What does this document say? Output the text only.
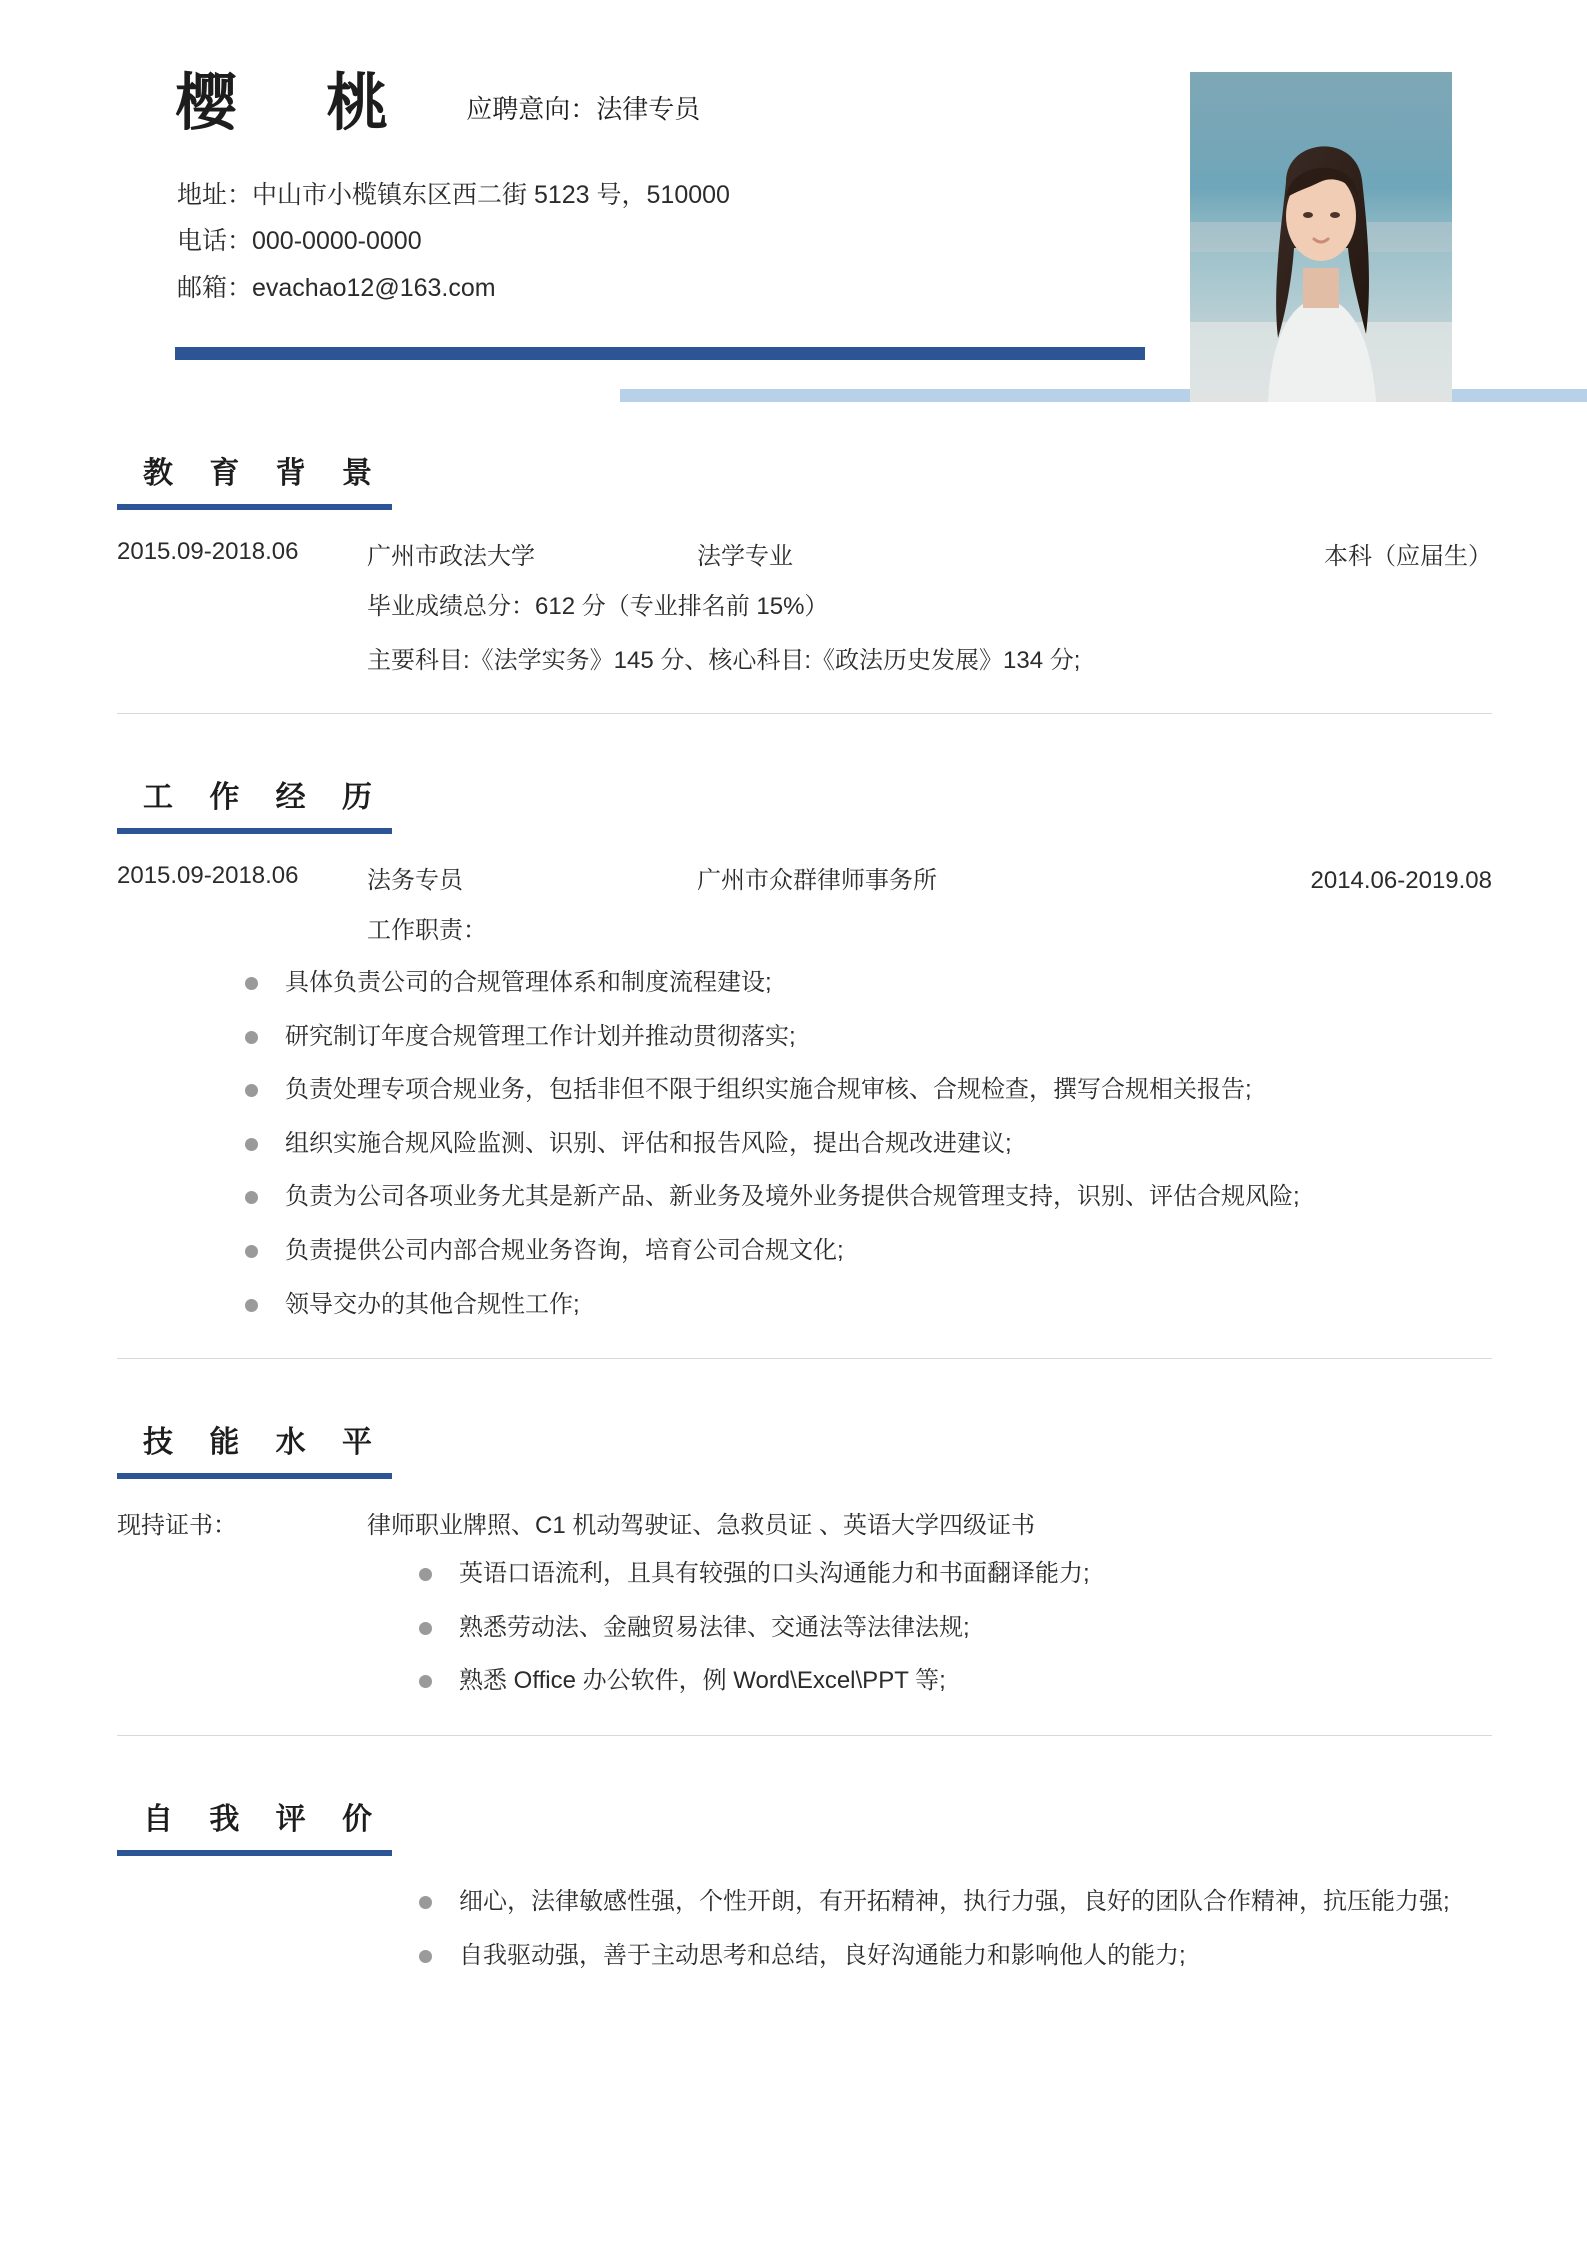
樱 桃 应聘意向：法律专员
地址：中山市小榄镇东区西二街 5123 号，510000
电话：000-0000-0000
邮箱：evachao12@163.com
教 育 背 景
2015.09-2018.06	广州市政法大学	法学专业	本科（应届生）
毕业成绩总分：612 分（专业排名前 15%）
主要科目:《法学实务》145 分、核心科目:《政法历史发展》134 分;
工 作 经 历
2015.09-2018.06	法务专员	广州市众群律师事务所	2014.06-2019.08
工作职责：
具体负责公司的合规管理体系和制度流程建设;
研究制订年度合规管理工作计划并推动贯彻落实;
负责处理专项合规业务，包括非但不限于组织实施合规审核、合规检查，撰写合规相关报告;
组织实施合规风险监测、识别、评估和报告风险，提出合规改进建议;
负责为公司各项业务尤其是新产品、新业务及境外业务提供合规管理支持，识别、评估合规风险;
负责提供公司内部合规业务咨询，培育公司合规文化;
领导交办的其他合规性工作;
技 能 水 平
现持证书：	律师职业牌照、C1 机动驾驶证、急救员证 、英语大学四级证书
英语口语流利，且具有较强的口头沟通能力和书面翻译能力;
熟悉劳动法、金融贸易法律、交通法等法律法规;
熟悉 Office 办公软件，例 Word\Excel\PPT 等;
自 我 评 价
细心，法律敏感性强，个性开朗，有开拓精神，执行力强，良好的团队合作精神，抗压能力强;
自我驱动强，善于主动思考和总结，良好沟通能力和影响他人的能力;
